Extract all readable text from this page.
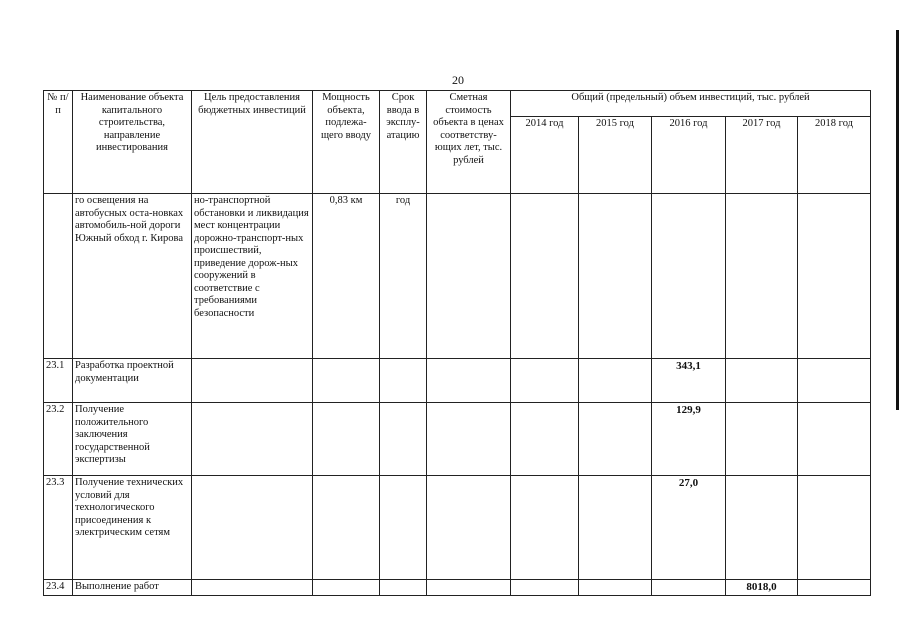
20
№ п/п	Наименование объекта капитального строительства, направление инвестирования	Цель предоставления бюджетных инвестиций	Мощность объекта, подлежа-щего вводу	Срок ввода в эксплу-атацию	Сметная стоимость объекта в ценах соответству-ющих лет, тыс. рублей	Общий (предельный) объем инвестиций, тыс. рублей				
						2014 год	2015 год	2016 год	2017 год	2018 год
	го освещения на автобусных оста-новках автомобиль-ной дороги Южный обход г. Кирова	но-транспортной обстановки и ликвидация мест концентрации дорожно-транспорт-ных происшествий, приведение дорож-ных сооружений в соответствие с требованиями безопасности	0,83 км	год						
23.1	Разработка проектной документации							343,1		
23.2	Получение положительного заключения государственной экспертизы							129,9		
23.3	Получение технических условий для технологического присоединения к электрическим сетям							27,0		
23.4	Выполнение работ								8018,0	
